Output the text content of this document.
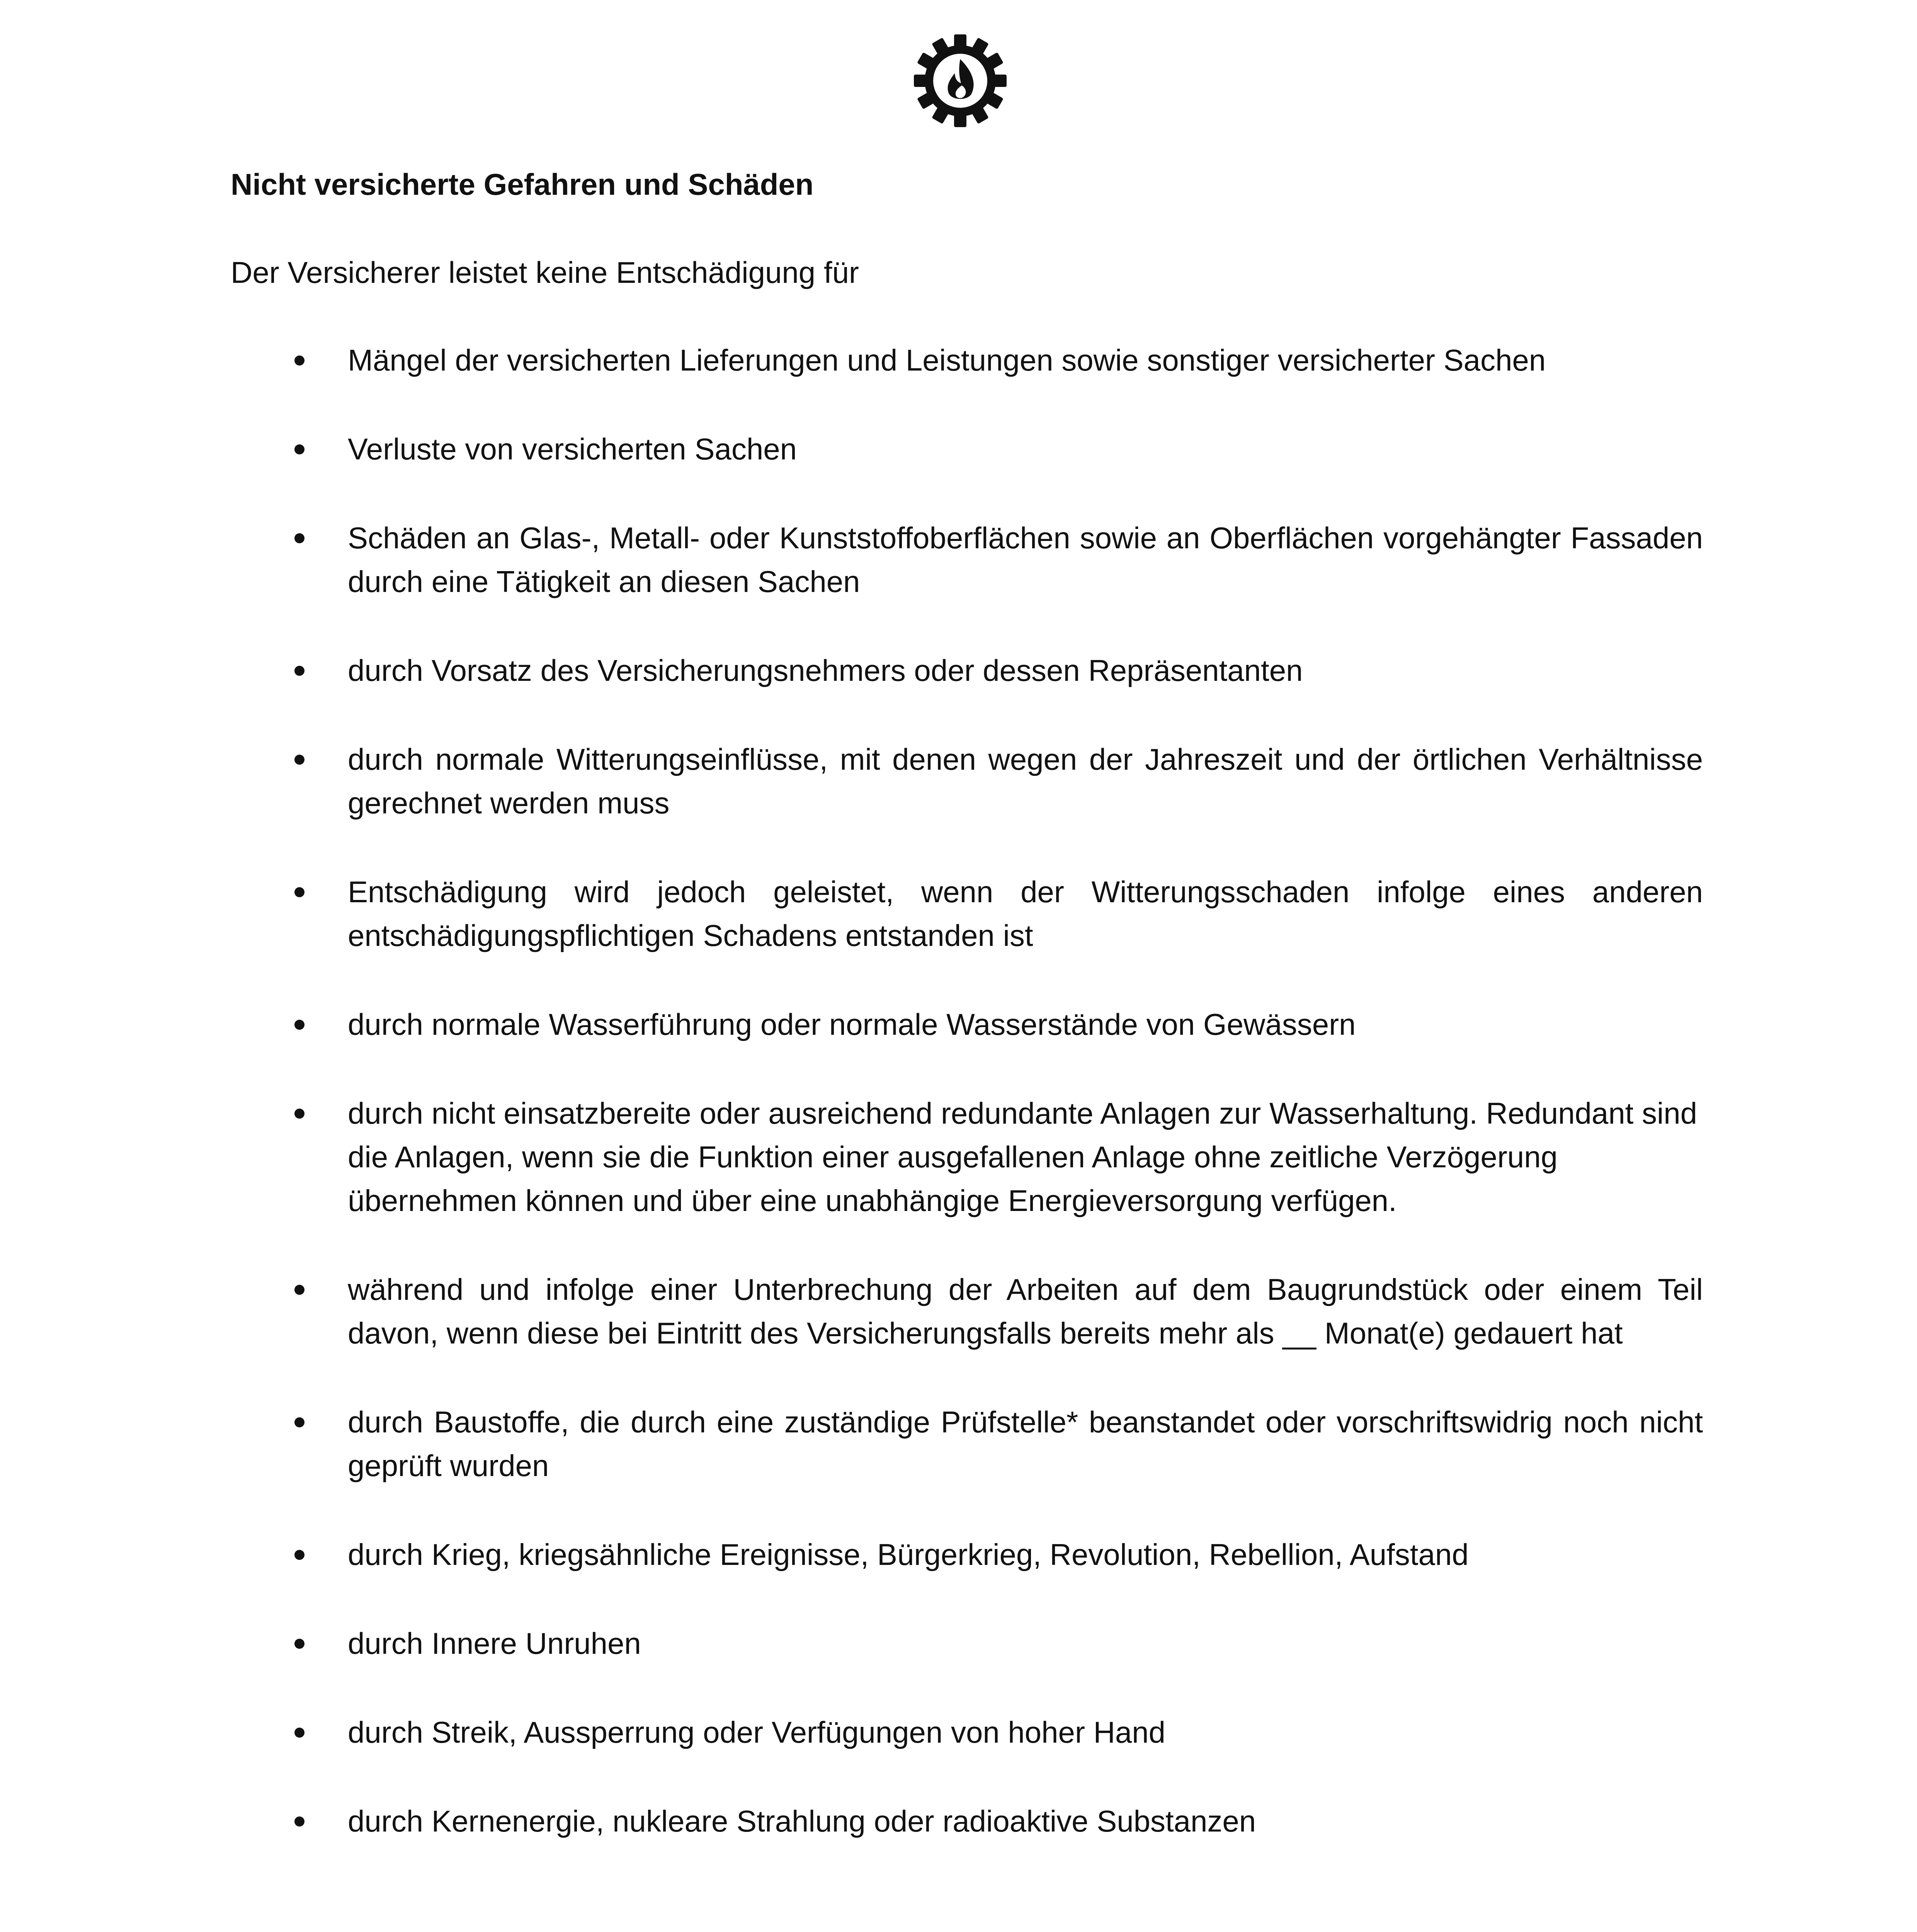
Nicht versicherte Gefahren und Schäden

Der Versicherer leistet keine Entschädigung für

Mängel der versicherten Lieferungen und Leistungen sowie sonstiger versicherter Sachen
Verluste von versicherten Sachen
Schäden an Glas-, Metall- oder Kunststoffoberflächen sowie an Oberflächen vorgehängter Fassaden durch eine Tätigkeit an diesen Sachen
durch Vorsatz des Versicherungsnehmers oder dessen Repräsentanten
durch normale Witterungseinflüsse, mit denen wegen der Jahreszeit und der örtlichen Verhältnisse gerechnet werden muss
Entschädigung wird jedoch geleistet, wenn der Witterungsschaden infolge eines anderen entschädigungspflichtigen Schadens entstanden ist
durch normale Wasserführung oder normale Wasserstände von Gewässern
durch nicht einsatzbereite oder ausreichend redundante Anlagen zur Wasserhaltung. Redundant sind die Anlagen, wenn sie die Funktion einer ausgefallenen Anlage ohne zeitliche Verzögerung übernehmen können und über eine unabhängige Energieversorgung verfügen.
während und infolge einer Unterbrechung der Arbeiten auf dem Baugrundstück oder einem Teil davon, wenn diese bei Eintritt des Versicherungsfalls bereits mehr als __ Monat(e) gedauert hat
durch Baustoffe, die durch eine zuständige Prüfstelle* beanstandet oder vorschriftswidrig noch nicht geprüft wurden
durch Krieg, kriegsähnliche Ereignisse, Bürgerkrieg, Revolution, Rebellion, Aufstand
durch Innere Unruhen
durch Streik, Aussperrung oder Verfügungen von hoher Hand
durch Kernenergie, nukleare Strahlung oder radioaktive Substanzen
